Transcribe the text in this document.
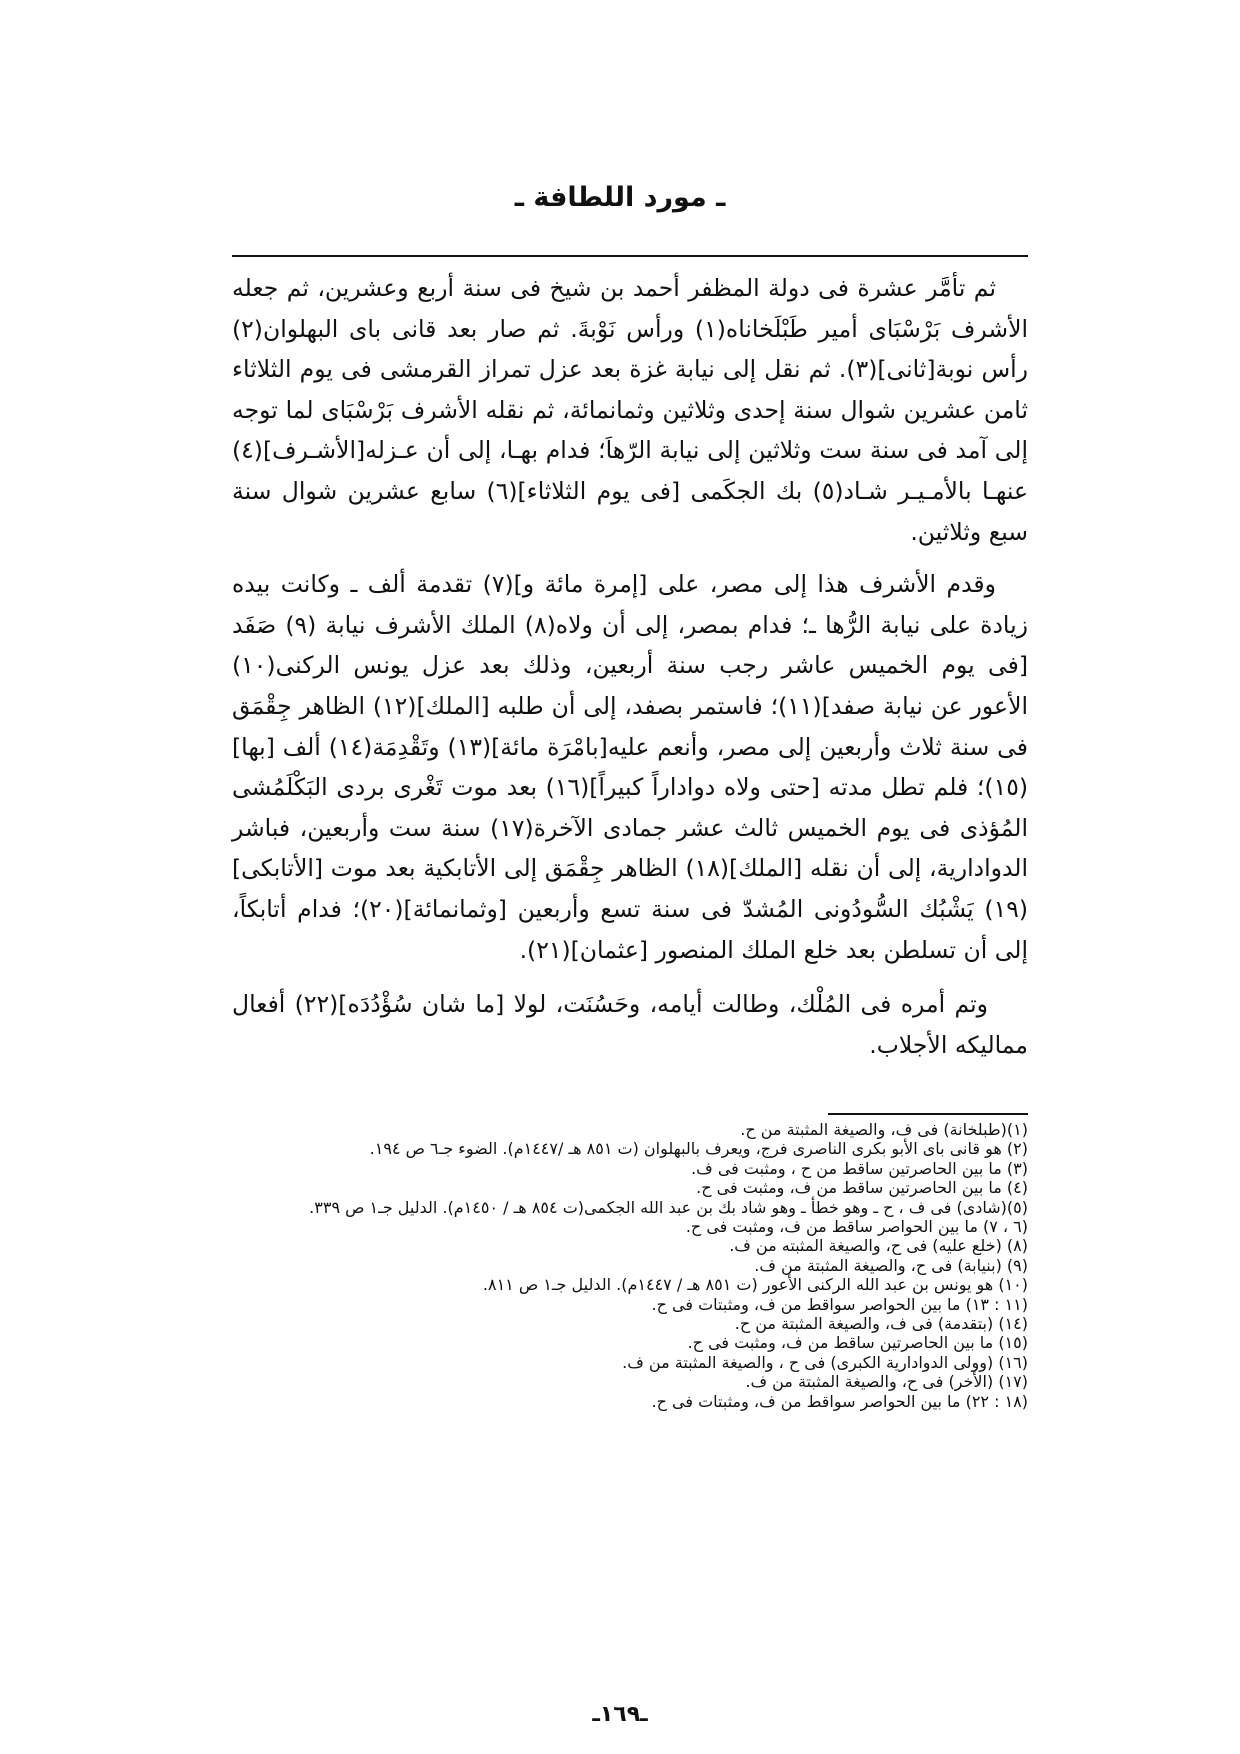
ـ مورد اللطافة ـ

ثم تأمَّر عشرة فى دولة المظفر أحمد بن شيخ فى سنة أربع وعشرين، ثم جعله الأشرف بَرْسْبَاى أمير طَبْلَخاناه(١) ورأس نَوْبةَ. ثم صار بعد قانى باى البهلوان(٢) رأس نوبة[ثانى](٣). ثم نقل إلى نيابة غزة بعد عزل تمراز القرمشى فى يوم الثلاثاء ثامن عشرين شوال سنة إحدى وثلاثين وثمانمائة، ثم نقله الأشرف بَرْسْبَاى لما توجه إلى آمد فى سنة ست وثلاثين إلى نيابة الرّهاَ؛ فدام بهـا، إلى أن عـزله[الأشـرف](٤) عنهـا بالأمـيـر شـاد(٥) بك الجكَمى [فى يوم الثلاثاء](٦) سابع عشرين شوال سنة سبع وثلاثين.

وقدم الأشرف هذا إلى مصر، على [إمرة مائة و](٧) تقدمة ألف ـ وكانت بيده زيادة على نيابة الرُّها ـ؛ فدام بمصر، إلى أن ولاه(٨) الملك الأشرف نيابة (٩) صَفَد [فى يوم الخميس عاشر رجب سنة أربعين، وذلك بعد عزل يونس الركنى(١٠) الأعور عن نيابة صفد](١١)؛ فاستمر بصفد، إلى أن طلبه [الملك](١٢) الظاهر جِقْمَق فى سنة ثلاث وأربعين إلى مصر، وأنعم عليه[بامْرَة مائة](١٣) وتَقْدِمَة(١٤) ألف [بها](١٥)؛ فلم تطل مدته [حتى ولاه دواداراً كبيراً](١٦) بعد موت تَغْرى بردى البَكْلَمُشى المُؤذى فى يوم الخميس ثالث عشر جمادى الآخرة(١٧) سنة ست وأربعين، فباشر الدوادارية، إلى أن نقله [الملك](١٨) الظاهر جِقْمَق إلى الأتابكية بعد موت [الأتابكى](١٩) يَشْبُك السُّودُونى المُشدّ فى سنة تسع وأربعين [وثمانمائة](٢٠)؛ فدام أتابكاً، إلى أن تسلطن بعد خلع الملك المنصور [عثمان](٢١).

وتم أمره فى المُلْك، وطالت أيامه، وحَسُنَت، لولا [ما شان سُؤْدُدَه](٢٢) أفعال مماليكه الأجلاب.

(١)(طبلخانة) فى ف، والصيغة المثبتة من ح.

(٢) هو قانى باى الأبو بكرى الناصرى فرج، ويعرف بالبهلوان (ت ٨٥١ هـ /١٤٤٧م). الضوء جـ٦ ص ١٩٤.

(٣) ما بين الحاصرتين ساقط من ح ، ومثبت فى ف.

(٤) ما بين الحاصرتين ساقط من ف، ومثبت فى ح.

(٥)(شادى) فى ف ، ح ـ وهو خطأ ـ وهو شاد بك بن عبد الله الجكمى(ت ٨٥٤ هـ / ١٤٥٠م). الدليل جـ١ ص ٣٣٩.

(٦ ، ٧) ما بين الحواصر ساقط من ف، ومثبت فى ح.

(٨) (خلع عليه) فى ح، والصيغة المثبته من ف.

(٩) (بنيابة) فى ح، والصيغة المثبتة من ف.

(١٠) هو يونس بن عبد الله الركنى الأعور (ت ٨٥١ هـ / ١٤٤٧م). الدليل جـ١ ص ٨١١.

(١١ : ١٣) ما بين الحواصر سواقط من ف، ومثبتات فى ح.

(١٤) (بتقدمة) فى ف، والصيغة المثبتة من ح.

(١٥) ما بين الحاصرتين ساقط من ف، ومثبت فى ح.

(١٦) (وولى الدوادارية الكبرى) فى ح ، والصيغة المثبتة من ف.

(١٧) (الأخر) فى ح، والصيغة المثبتة من ف.

(١٨ : ٢٢) ما بين الحواصر سواقط من ف، ومثبتات فى ح.

ـ١٦٩ـ
